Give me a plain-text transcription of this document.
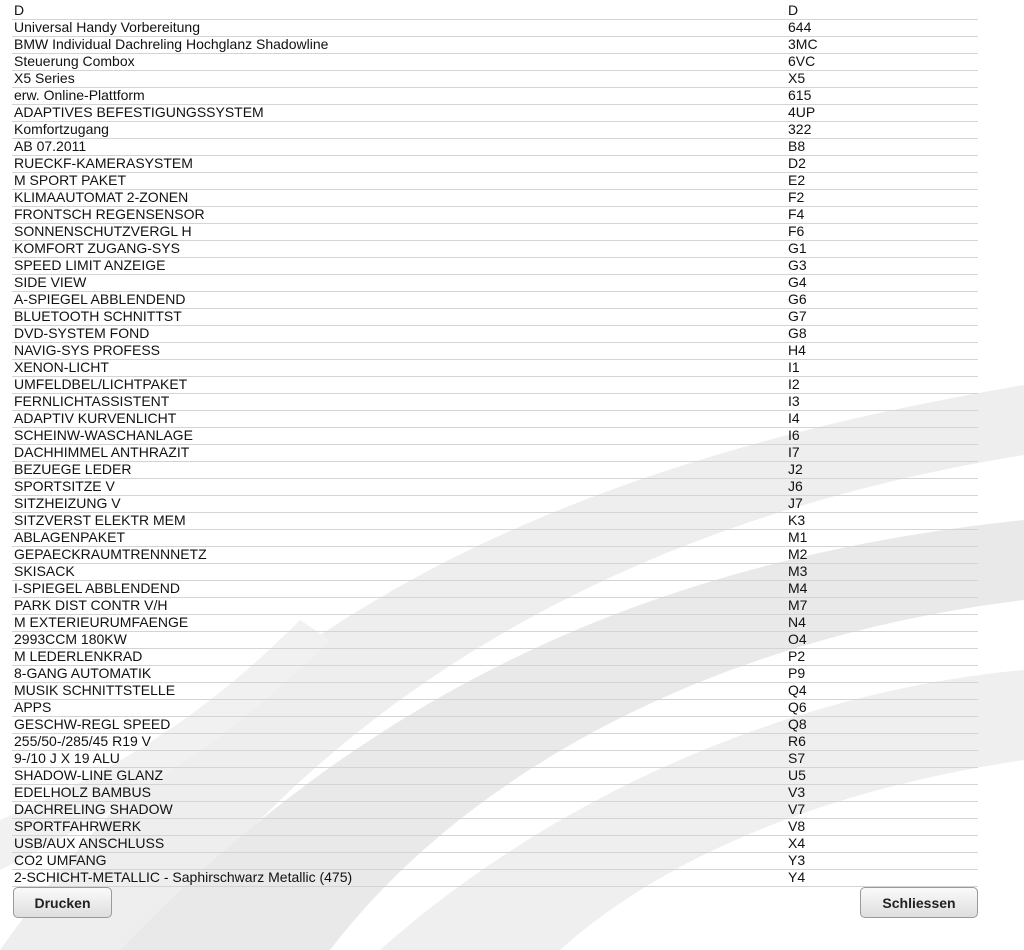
D	D
Universal Handy Vorbereitung	644
BMW Individual Dachreling Hochglanz Shadowline	3MC
Steuerung Combox	6VC
X5 Series	X5
erw. Online-Plattform	615
ADAPTIVES BEFESTIGUNGSSYSTEM	4UP
Komfortzugang	322
AB 07.2011	B8
RUECKF-KAMERASYSTEM	D2
M SPORT PAKET	E2
KLIMAAUTOMAT 2-ZONEN	F2
FRONTSCH REGENSENSOR	F4
SONNENSCHUTZVERGL H	F6
KOMFORT ZUGANG-SYS	G1
SPEED LIMIT ANZEIGE	G3
SIDE VIEW	G4
A-SPIEGEL ABBLENDEND	G6
BLUETOOTH SCHNITTST	G7
DVD-SYSTEM FOND	G8
NAVIG-SYS PROFESS	H4
XENON-LICHT	I1
UMFELDBEL/LICHTPAKET	I2
FERNLICHTASSISTENT	I3
ADAPTIV KURVENLICHT	I4
SCHEINW-WASCHANLAGE	I6
DACHHIMMEL ANTHRAZIT	I7
BEZUEGE LEDER	J2
SPORTSITZE V	J6
SITZHEIZUNG V	J7
SITZVERST ELEKTR MEM	K3
ABLAGENPAKET	M1
GEPAECKRAUMTRENNNETZ	M2
SKISACK	M3
I-SPIEGEL ABBLENDEND	M4
PARK DIST CONTR V/H	M7
M EXTERIEURUMFAENGE	N4
2993CCM 180KW	O4
M LEDERLENKRAD	P2
8-GANG AUTOMATIK	P9
MUSIK SCHNITTSTELLE	Q4
APPS	Q6
GESCHW-REGL SPEED	Q8
255/50-/285/45 R19 V	R6
9-/10 J X 19 ALU	S7
SHADOW-LINE GLANZ	U5
EDELHOLZ BAMBUS	V3
DACHRELING SHADOW	V7
SPORTFAHRWERK	V8
USB/AUX ANSCHLUSS	X4
CO2 UMFANG	Y3
2-SCHICHT-METALLIC - Saphirschwarz Metallic (475)	Y4
Drucken	Schliessen
